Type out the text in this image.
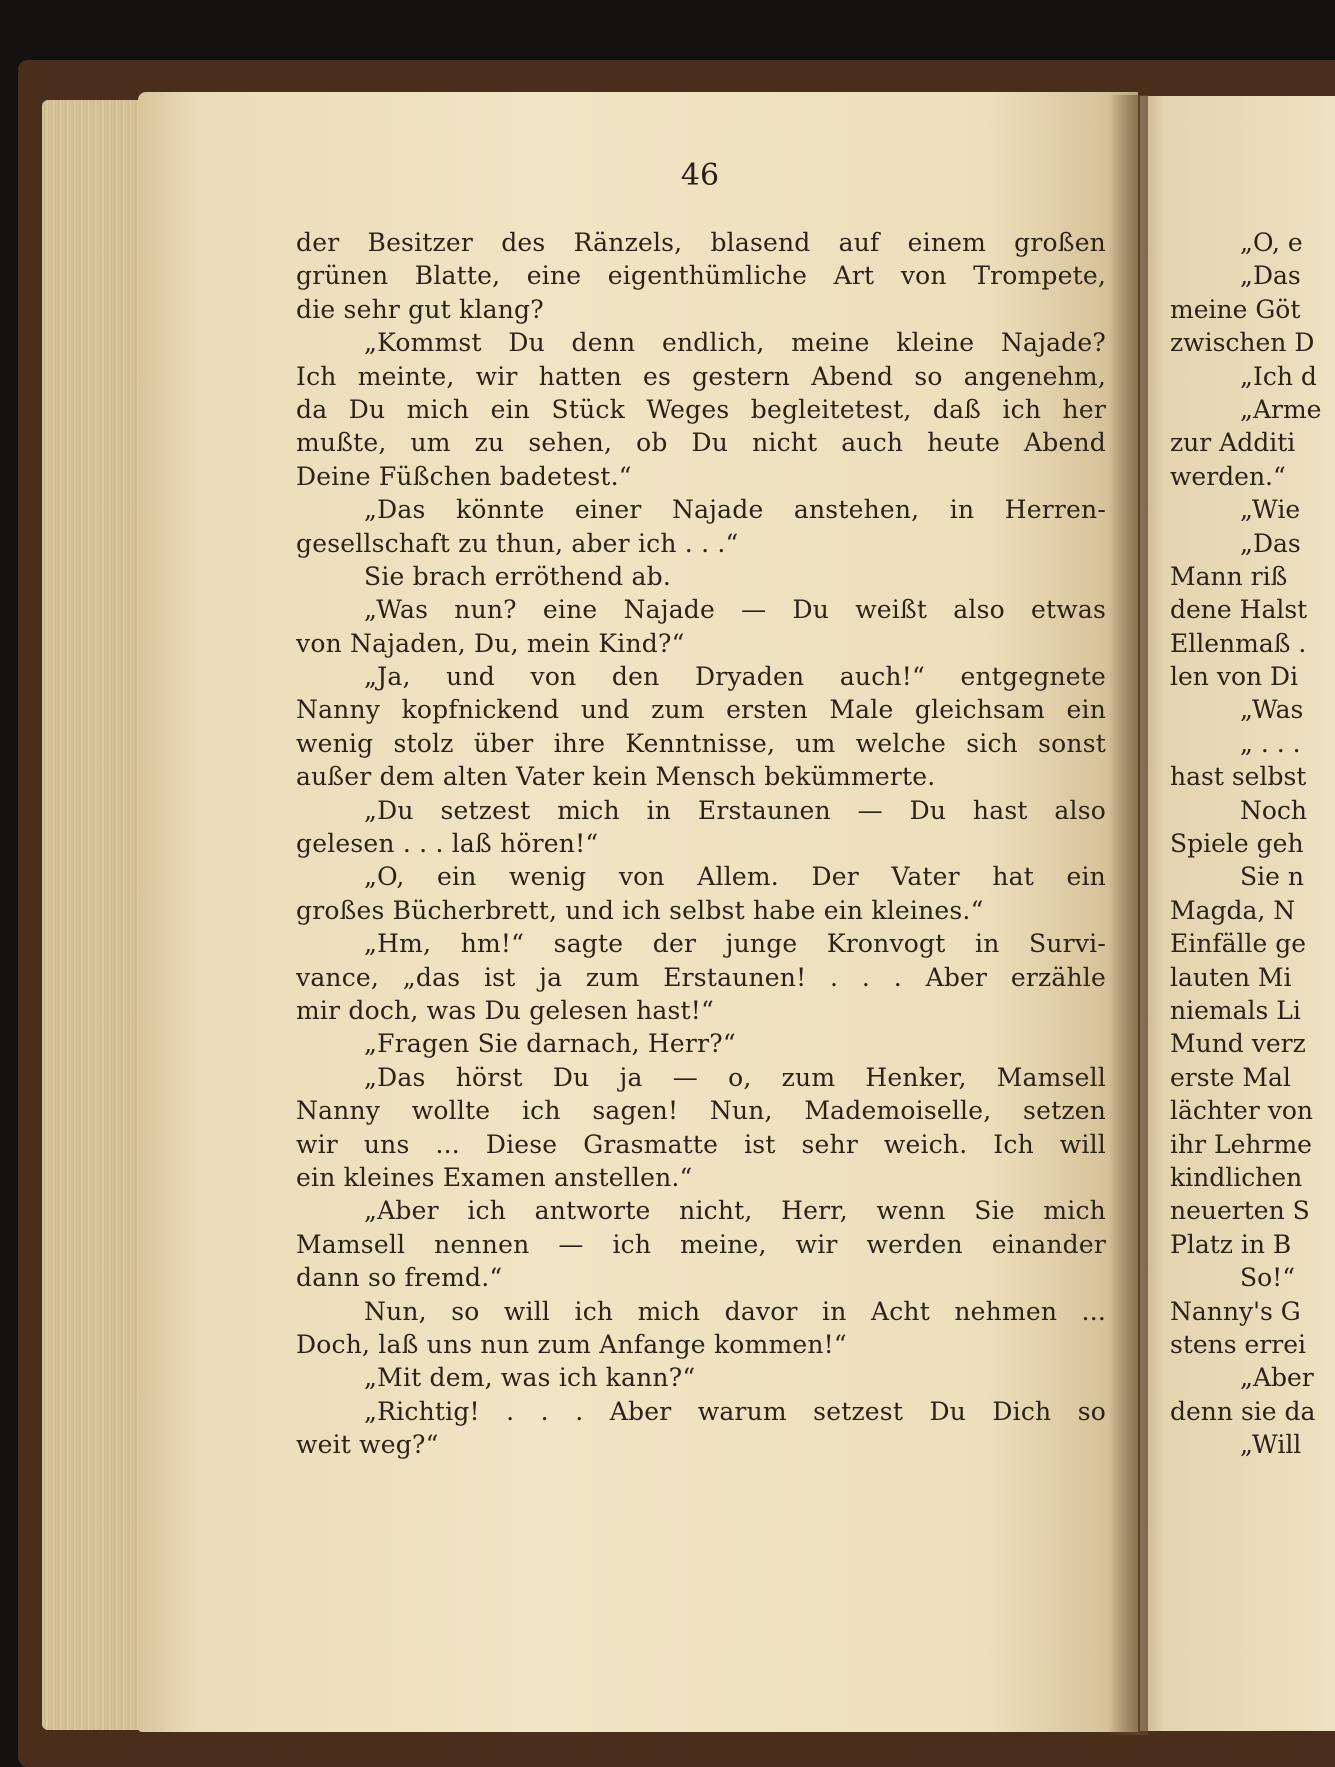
46
der Besitzer des Ränzels, blasend auf einem großen
grünen Blatte, eine eigenthümliche Art von Trompete,
die sehr gut klang?
„Kommst Du denn endlich, meine kleine Najade?
Ich meinte, wir hatten es gestern Abend so angenehm,
da Du mich ein Stück Weges begleitetest, daß ich her
mußte, um zu sehen, ob Du nicht auch heute Abend
Deine Füßchen badetest.“
„Das könnte einer Najade anstehen, in Herren-
gesellschaft zu thun, aber ich . . .“
Sie brach erröthend ab.
„Was nun? eine Najade — Du weißt also etwas
von Najaden, Du, mein Kind?“
„Ja, und von den Dryaden auch!“ entgegnete
Nanny kopfnickend und zum ersten Male gleichsam ein
wenig stolz über ihre Kenntnisse, um welche sich sonst
außer dem alten Vater kein Mensch bekümmerte.
„Du setzest mich in Erstaunen — Du hast also
gelesen . . . laß hören!“
„O, ein wenig von Allem. Der Vater hat ein
großes Bücherbrett, und ich selbst habe ein kleines.“
„Hm, hm!“ sagte der junge Kronvogt in Survi-
vance, „das ist ja zum Erstaunen! . . . Aber erzähle
mir doch, was Du gelesen hast!“
„Fragen Sie darnach, Herr?“
„Das hörst Du ja — o, zum Henker, Mamsell
Nanny wollte ich sagen! Nun, Mademoiselle, setzen
wir uns ... Diese Grasmatte ist sehr weich. Ich will
ein kleines Examen anstellen.“
„Aber ich antworte nicht, Herr, wenn Sie mich
Mamsell nennen — ich meine, wir werden einander
dann so fremd.“
Nun, so will ich mich davor in Acht nehmen ...
Doch, laß uns nun zum Anfange kommen!“
„Mit dem, was ich kann?“
„Richtig! . . . Aber warum setzest Du Dich so
weit weg?“
„O, e
„Das
meine Göt
zwischen D
„Ich d
„Arme
zur Additi
werden.“
„Wie
„Das
Mann riß
dene Halst
Ellenmaß .
len von Di
„Was
„ . . .
hast selbst
Noch
Spiele geh
Sie n
Magda, N
Einfälle ge
lauten Mi
niemals Li
Mund verz
erste Mal
lächter von
ihr Lehrme
kindlichen
neuerten S
Platz in B
So!“
Nanny's G
stens errei
„Aber
denn sie da
„Will
